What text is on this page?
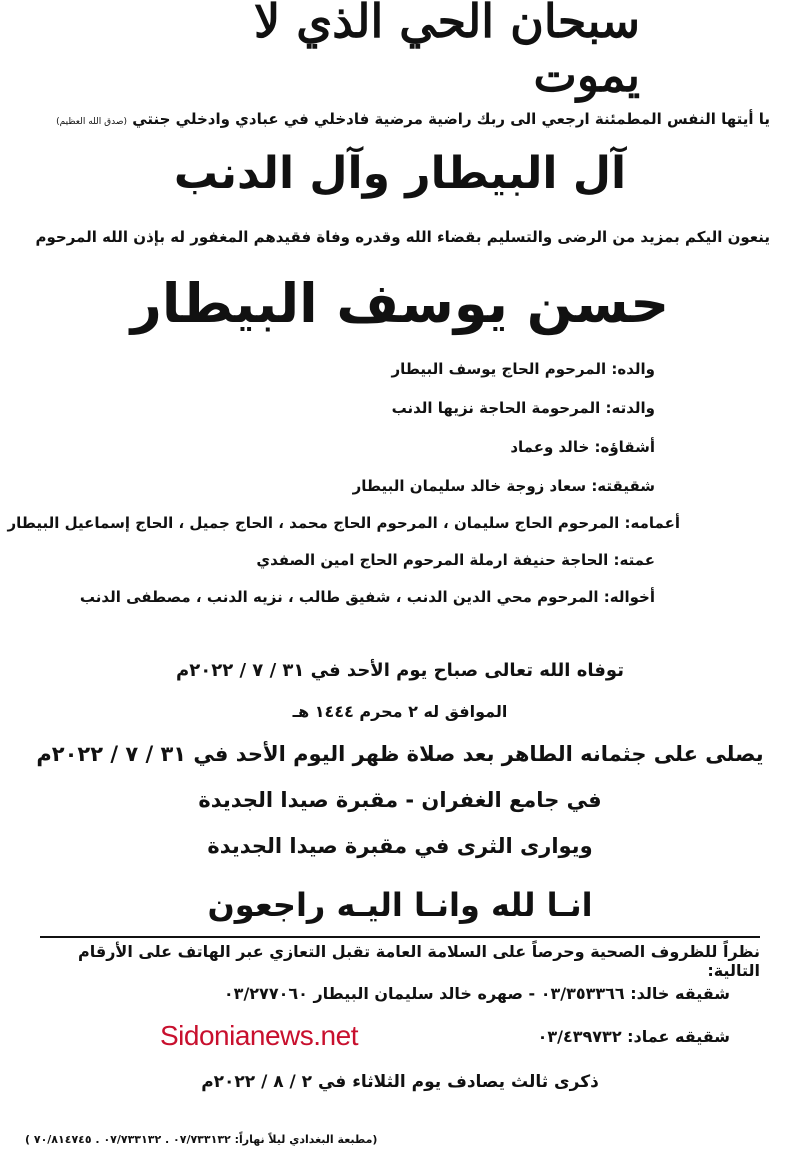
سبحان الحي الذي لا يموت
يا أيتها النفس المطمئنة ارجعي الى ربك راضية مرضية فادخلي في عبادي وادخلي جنتي (صدق الله العظيم)
آل البيطار وآل الدنب
ينعون اليكم بمزيد من الرضى والتسليم بقضاء الله وقدره وفاة فقيدهم المغفور له بإذن الله المرحوم
حسن يوسف البيطار
والده: المرحوم الحاج يوسف البيطار
والدته: المرحومة الحاجة نزيها الدنب
أشقاؤه: خالد وعماد
شقيقته: سعاد زوجة خالد سليمان البيطار
أعمامه: المرحوم الحاج سليمان ، المرحوم الحاج محمد ، الحاج جميل ، الحاج إسماعيل البيطار
عمته: الحاجة حنيفة ارملة المرحوم الحاج امين الصفدي
أخواله: المرحوم محي الدين الدنب ، شفيق طالب ، نزيه الدنب ، مصطفى الدنب
توفاه الله تعالى صباح يوم الأحد في ٣١ / ٧ / ٢٠٢٢م
الموافق له ٢ محرم ١٤٤٤ هـ
يصلى على جثمانه الطاهر بعد صلاة ظهر اليوم الأحد في ٣١ / ٧ / ٢٠٢٢م
في جامع الغفران - مقبرة صيدا الجديدة
ويوارى الثرى في مقبرة صيدا الجديدة
انـا لله وانـا اليـه راجعون
نظراً للظروف الصحية وحرصاً على السلامة العامة تقبل التعازي عبر الهاتف على الأرقام التالية:
شقيقه خالد: ٠٣/٣٥٣٣٦٦ - صهره خالد سليمان البيطار ٠٣/٢٧٧٠٦٠
شقيقه عماد: ٠٣/٤٣٩٧٣٢
Sidonianews.net
ذكرى ثالث يصادف يوم الثلاثاء في ٢ / ٨ / ٢٠٢٢م
(مطبعة البغدادي ليلاً نهاراً: ٠٧/٧٣٣١٣٢ . ٠٧/٧٣٣١٣٢ . ٧٠/٨١٤٧٤٥ )
